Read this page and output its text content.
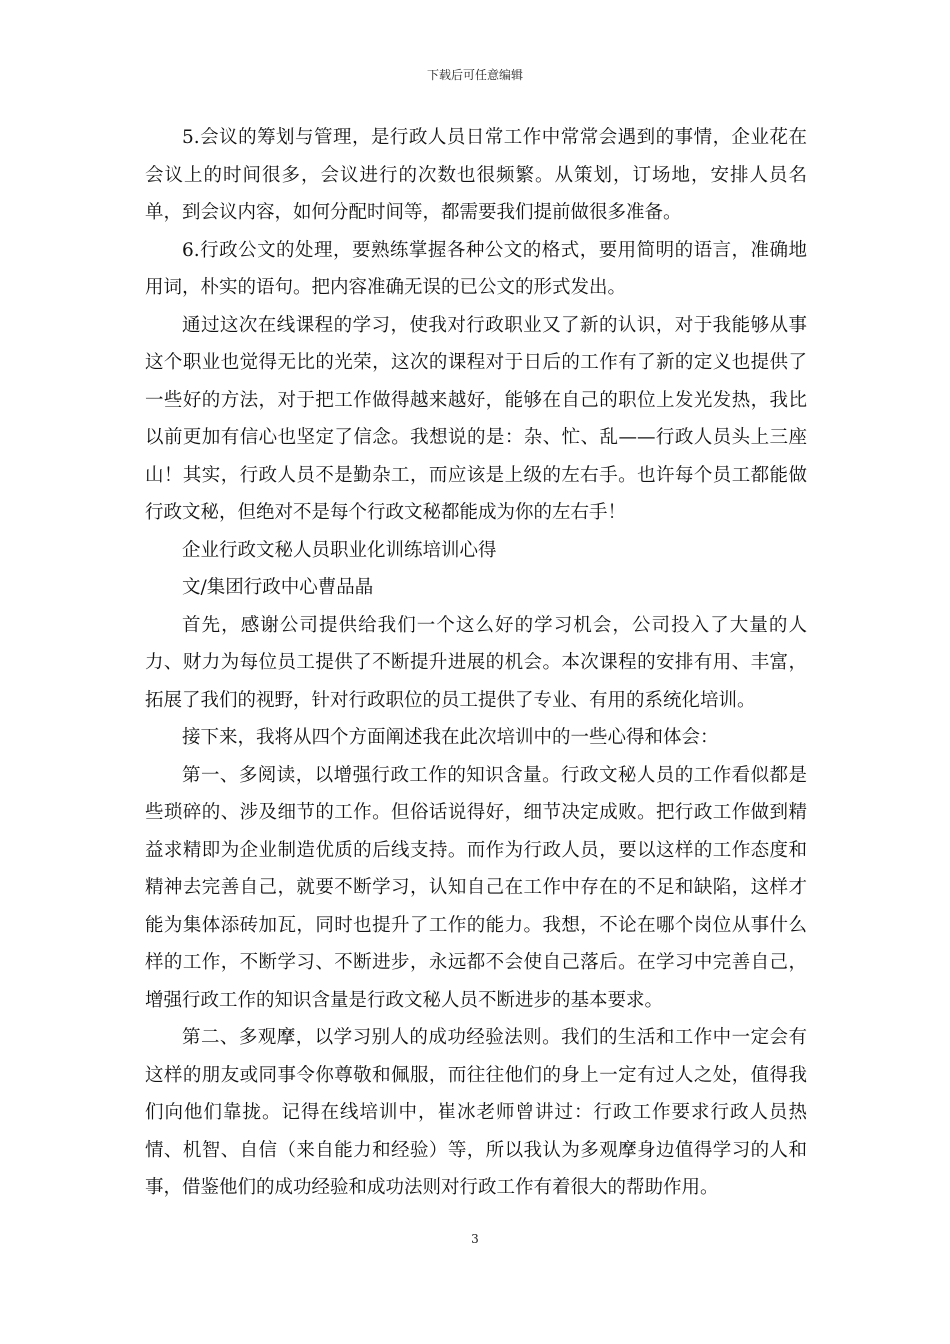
下载后可任意编辑

5.会议的筹划与管理，是行政人员日常工作中常常会遇到的事情，企业花在会议上的时间很多，会议进行的次数也很频繁。从策划，订场地，安排人员名单，到会议内容，如何分配时间等，都需要我们提前做很多准备。

6.行政公文的处理，要熟练掌握各种公文的格式，要用简明的语言，准确地用词，朴实的语句。把内容准确无误的已公文的形式发出。

通过这次在线课程的学习，使我对行政职业又了新的认识，对于我能够从事这个职业也觉得无比的光荣，这次的课程对于日后的工作有了新的定义也提供了一些好的方法，对于把工作做得越来越好，能够在自己的职位上发光发热，我比以前更加有信心也坚定了信念。我想说的是：杂、忙、乱——行政人员头上三座山！其实，行政人员不是勤杂工，而应该是上级的左右手。也许每个员工都能做行政文秘，但绝对不是每个行政文秘都能成为你的左右手！

企业行政文秘人员职业化训练培训心得

文/集团行政中心曹品晶

首先，感谢公司提供给我们一个这么好的学习机会，公司投入了大量的人力、财力为每位员工提供了不断提升进展的机会。本次课程的安排有用、丰富，拓展了我们的视野，针对行政职位的员工提供了专业、有用的系统化培训。

接下来，我将从四个方面阐述我在此次培训中的一些心得和体会：

第一、多阅读，以增强行政工作的知识含量。行政文秘人员的工作看似都是些琐碎的、涉及细节的工作。但俗话说得好，细节决定成败。把行政工作做到精益求精即为企业制造优质的后线支持。而作为行政人员，要以这样的工作态度和精神去完善自己，就要不断学习，认知自己在工作中存在的不足和缺陷，这样才能为集体添砖加瓦，同时也提升了工作的能力。我想，不论在哪个岗位从事什么样的工作，不断学习、不断进步，永远都不会使自己落后。在学习中完善自己，增强行政工作的知识含量是行政文秘人员不断进步的基本要求。

第二、多观摩，以学习别人的成功经验法则。我们的生活和工作中一定会有这样的朋友或同事令你尊敬和佩服，而往往他们的身上一定有过人之处，值得我们向他们靠拢。记得在线培训中，崔冰老师曾讲过：行政工作要求行政人员热情、机智、自信（来自能力和经验）等，所以我认为多观摩身边值得学习的人和事，借鉴他们的成功经验和成功法则对行政工作有着很大的帮助作用。

3
